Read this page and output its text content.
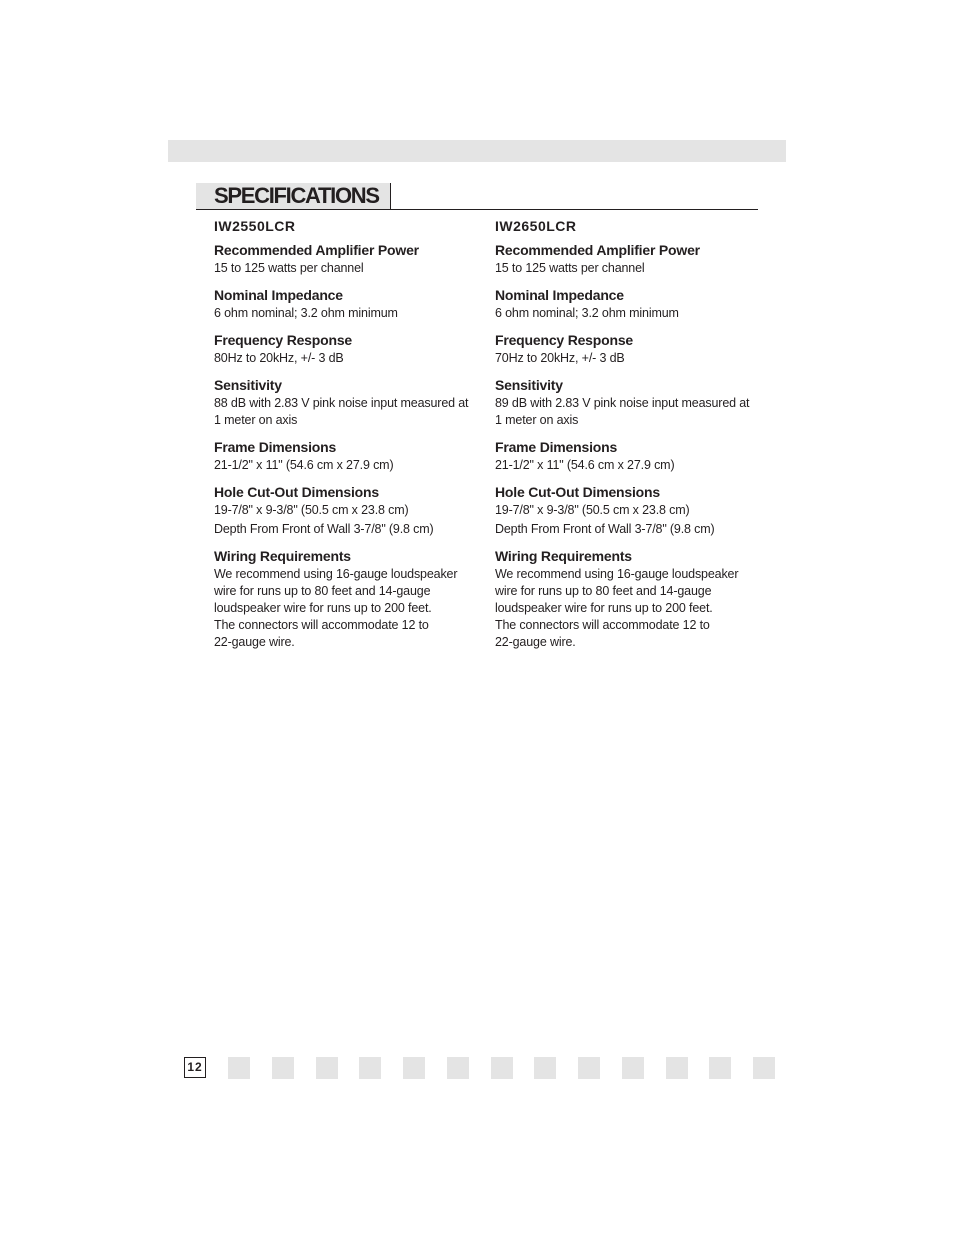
SPECIFICATIONS
IW2550LCR
Recommended Amplifier Power
15 to 125 watts per channel
Nominal Impedance
6 ohm nominal; 3.2 ohm minimum
Frequency Response
80Hz to 20kHz, +/- 3 dB
Sensitivity
88 dB with 2.83 V pink noise input measured at
1 meter on axis
Frame Dimensions
21-1/2" x 11" (54.6 cm x 27.9 cm)
Hole Cut-Out Dimensions
19-7/8" x 9-3/8" (50.5 cm x 23.8 cm)
Depth From Front of Wall 3-7/8" (9.8 cm)
Wiring Requirements
We recommend using 16-gauge loudspeaker
wire for runs up to 80 feet and 14-gauge
loudspeaker wire for runs up to 200 feet.
The connectors will accommodate 12 to
22-gauge wire.
IW2650LCR
Recommended Amplifier Power
15 to 125 watts per channel
Nominal Impedance
6 ohm nominal; 3.2 ohm minimum
Frequency Response
70Hz to 20kHz, +/- 3 dB
Sensitivity
89 dB with 2.83 V pink noise input measured at
1 meter on axis
Frame Dimensions
21-1/2" x 11" (54.6 cm x 27.9 cm)
Hole Cut-Out Dimensions
19-7/8" x 9-3/8" (50.5 cm x 23.8 cm)
Depth From Front of Wall 3-7/8" (9.8 cm)
Wiring Requirements
We recommend using 16-gauge loudspeaker
wire for runs up to 80 feet and 14-gauge
loudspeaker wire for runs up to 200 feet.
The connectors will accommodate 12 to
22-gauge wire.
12
